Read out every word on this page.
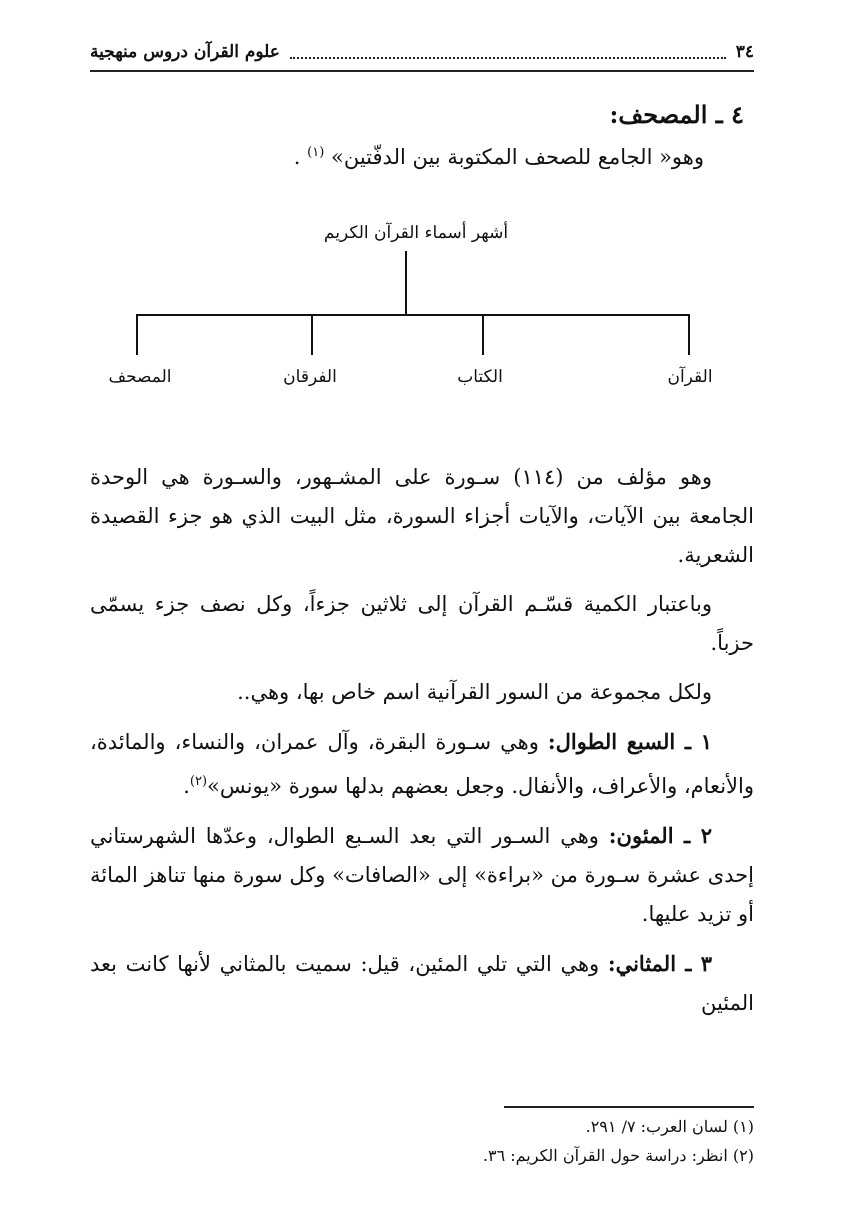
٣٤
علوم القرآن دروس منهجية
٤ ـ المصحف:
وهو« الجامع للصحف المكتوبة بين الدفّتين» $^{(١)}$ .
أشهر أسماء القرآن الكريم
القرآن
الكتاب
الفرقان
المصحف

وهو مؤلف من (١١٤) سـورة على المشـهور، والسـورة هي الوحدة الجامعة بين الآيات، والآيات أجزاء السورة، مثل البيت الذي هو جزء القصيدة الشعرية.

وباعتبار الكمية قسّـم القرآن إلى ثلاثين جزءاً، وكل نصف جزء يسمّى حزباً.

ولكل مجموعة من السور القرآنية اسم خاص بها، وهي..

١ ـ السبع الطوال: وهي سـورة البقرة، وآل عمران، والنساء، والمائدة، والأنعام، والأعراف، والأنفال. وجعل بعضهم بدلها سورة «يونس»$^{(٢)}$.

٢ ـ المئون: وهي السـور التي بعد السـبع الطوال، وعدّها الشهرستاني إحدى عشرة سـورة من «براءة» إلى «الصافات» وكل سورة منها تناهز المائة أو تزيد عليها.

٣ ـ المثاني: وهي التي تلي المئين، قيل: سميت بالمثاني لأنها كانت بعد المئين

(١) لسان العرب: ٧/ ٢٩١.
(٢) انظر: دراسة حول القرآن الكريم: ٣٦.
